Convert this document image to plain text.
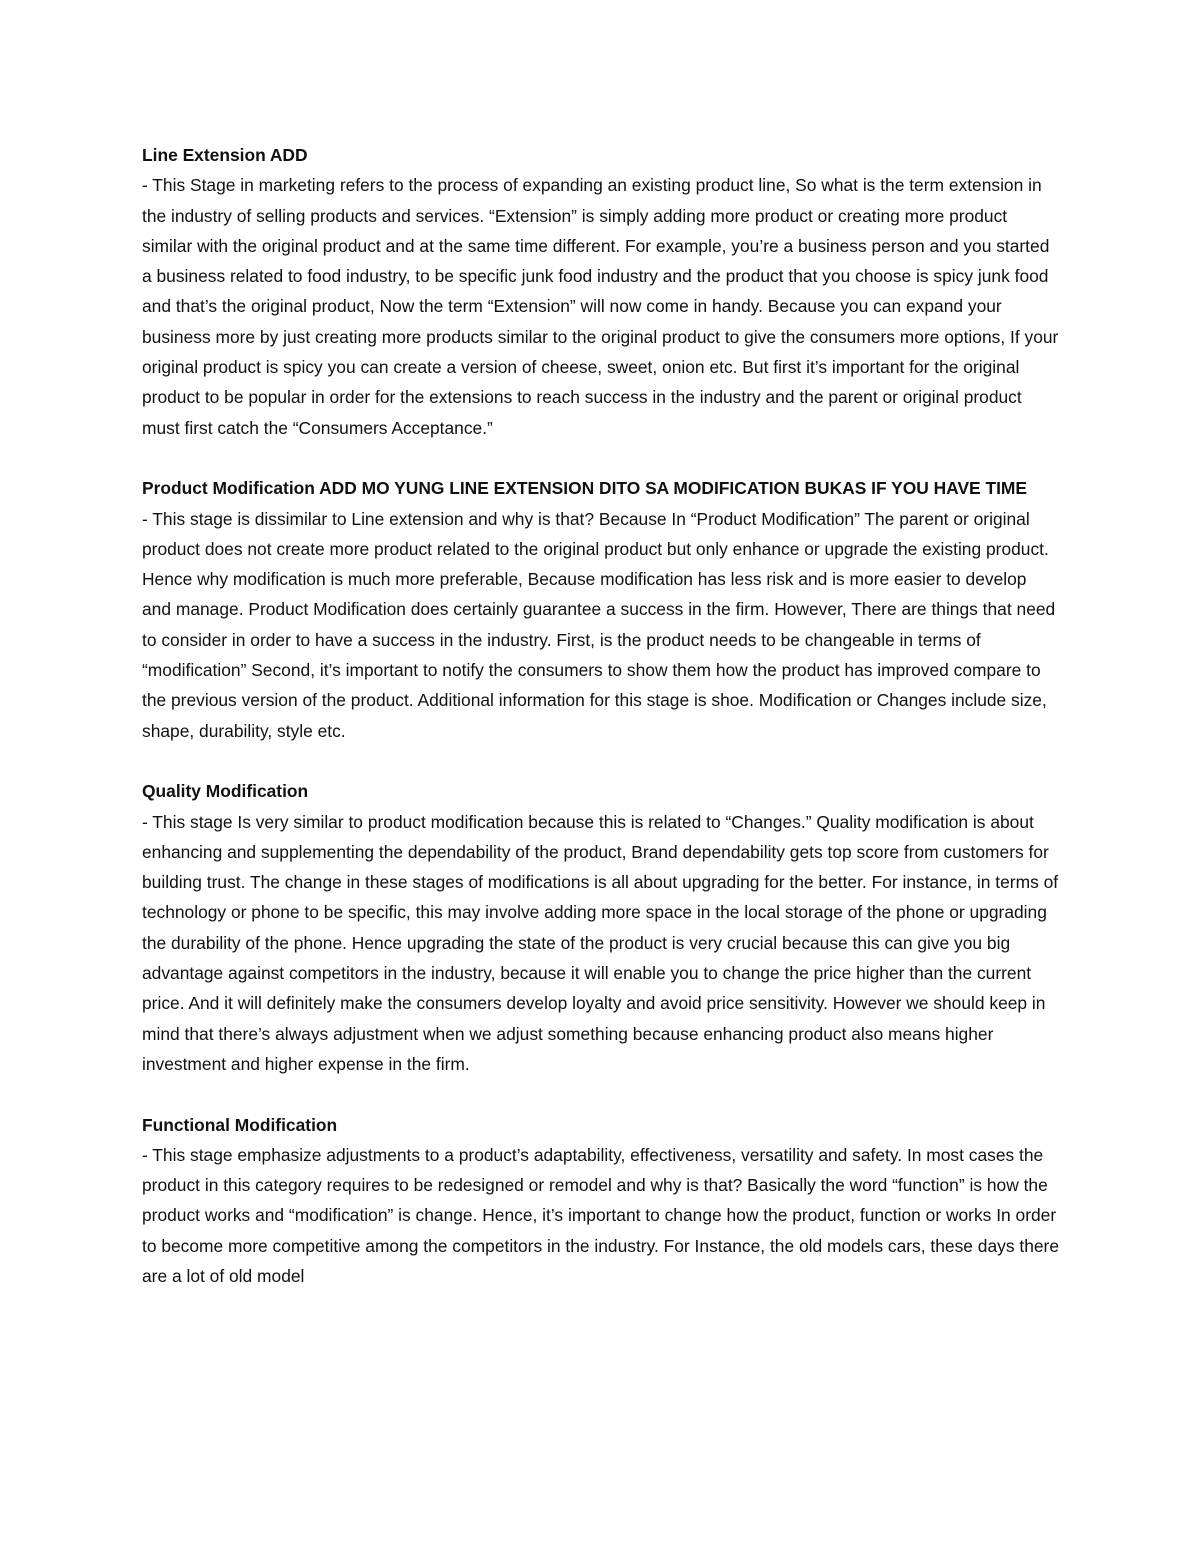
Line Extension ADD

- This Stage in marketing refers to the process of expanding an existing product line, So what is the term extension in the industry of selling products and services. “Extension” is simply adding more product or creating more product similar with the original product and at the same time different. For example, you’re a business person and you started a business related to food industry, to be specific junk food industry and the product that you choose is spicy junk food and that’s the original product, Now the term “Extension” will now come in handy. Because you can expand your business more by just creating more products similar to the original product to give the consumers more options, If your original product is spicy you can create a version of cheese, sweet, onion etc. But first it’s important for the original product to be popular in order for the extensions to reach success in the industry and the parent or original product must first catch the “Consumers Acceptance.”

Product Modification ADD MO YUNG LINE EXTENSION DITO SA MODIFICATION BUKAS IF YOU HAVE TIME

- This stage is dissimilar to Line extension and why is that? Because In “Product Modification” The parent or original product does not create more product related to the original product but only enhance or upgrade the existing product. Hence why modification is much more preferable, Because modification has less risk and is more easier to develop and manage. Product Modification does certainly guarantee a success in the firm. However, There are things that need to consider in order to have a success in the industry. First, is the product needs to be changeable in terms of “modification” Second, it’s important to notify the consumers to show them how the product has improved compare to the previous version of the product. Additional information for this stage is shoe. Modification or Changes include size, shape, durability, style etc.

Quality Modification

- This stage Is very similar to product modification because this is related to “Changes.” Quality modification is about enhancing and supplementing the dependability of the product, Brand dependability gets top score from customers for building trust. The change in these stages of modifications is all about upgrading for the better. For instance, in terms of technology or phone to be specific, this may involve adding more space in the local storage of the phone or upgrading the durability of the phone. Hence upgrading the state of the product is very crucial because this can give you big advantage against competitors in the industry, because it will enable you to change the price higher than the current price. And it will definitely make the consumers develop loyalty and avoid price sensitivity. However we should keep in mind that there’s always adjustment when we adjust something because enhancing product also means higher investment and higher expense in the firm.

Functional Modification

- This stage emphasize adjustments to a product’s adaptability, effectiveness, versatility and safety. In most cases the product in this category requires to be redesigned or remodel and why is that? Basically the word “function” is how the product works and “modification” is change. Hence, it’s important to change how the product, function or works In order to become more competitive among the competitors in the industry. For Instance, the old models cars, these days there are a lot of old model
